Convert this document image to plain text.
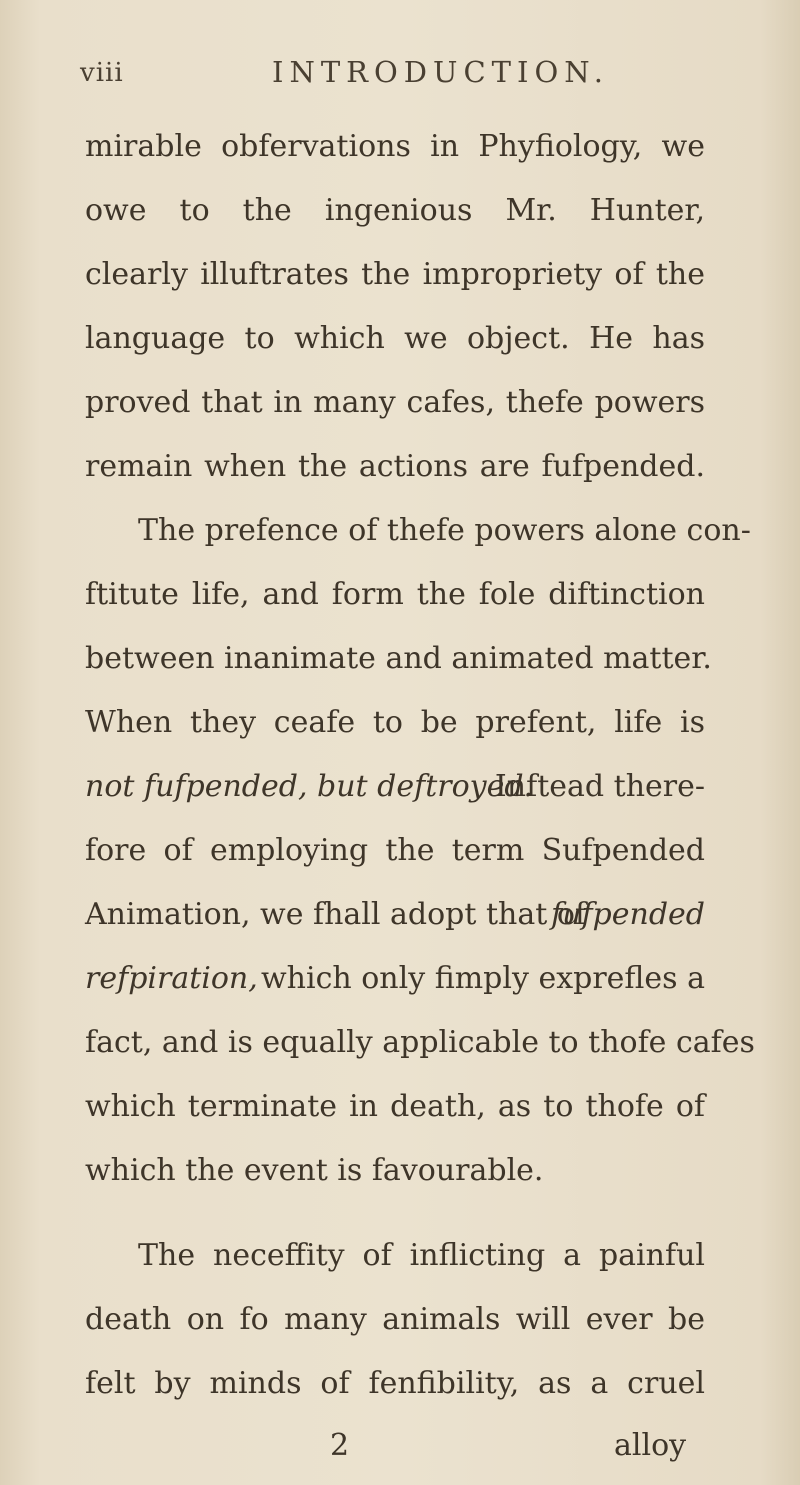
viii	INTRODUCTION.
mirable obfervations in Phyfiology, we
owe to the ingenious Mr. Hunter,
clearly illuftrates the impropriety of the
language to which we object. He has
proved that in many cafes, thefe powers
remain when the actions are fufpended.
The prefence of thefe powers alone con-
ftitute life, and form the fole diftinction
between inanimate and animated matter.
When they ceafe to be prefent, life is
not fufpended, but deftroyed.
Inftead there-
fore of employing the term Sufpended
Animation, we fhall adopt that of
fufpended
refpiration, which only fimply exprefles a
fact, and is equally applicable to thofe cafes
which terminate in death, as to thofe of
which the event is favourable.
The neceffity of inflicting a painful
death on fo many animals will ever be
felt by minds of fenfibility, as a cruel
2	alloy
